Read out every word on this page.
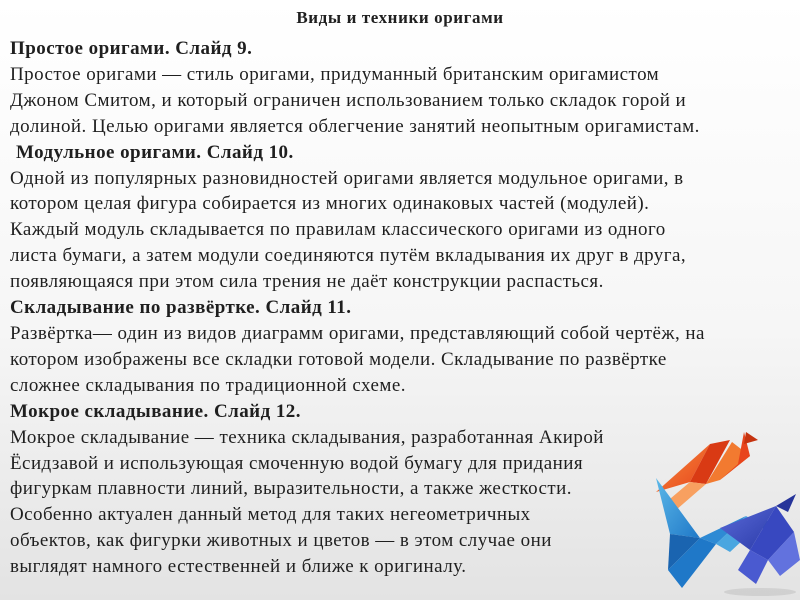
Виды и техники оригами
Простое оригами. Слайд 9.
Простое оригами — стиль оригами, придуманный британским оригамистом
Джоном Смитом, и который ограничен использованием только складок горой и
долиной. Целью оригами является облегчение занятий неопытным оригамистам.
Модульное оригами. Слайд 10.
Одной из популярных разновидностей оригами является модульное оригами, в
котором целая фигура собирается из многих одинаковых частей (модулей).
Каждый модуль складывается по правилам классического оригами из одного
листа бумаги, а затем модули соединяются путём вкладывания их друг в друга,
появляющаяся при этом сила трения не даёт конструкции распасться.
Складывание по развёртке. Слайд 11.
Развёртка— один из видов диаграмм оригами, представляющий собой чертёж, на
котором изображены все складки готовой модели. Складывание по развёртке
сложнее складывания по традиционной схеме.
Мокрое складывание. Слайд 12.
Мокрое складывание — техника складывания, разработанная Акирой
Ёсидзавой и использующая смоченную водой бумагу для придания
фигуркам плавности линий, выразительности, а также жесткости.
Особенно актуален данный метод для таких негеометричных
объектов, как фигурки животных и цветов — в этом случае они
выглядят намного естественней и ближе к оригиналу.
